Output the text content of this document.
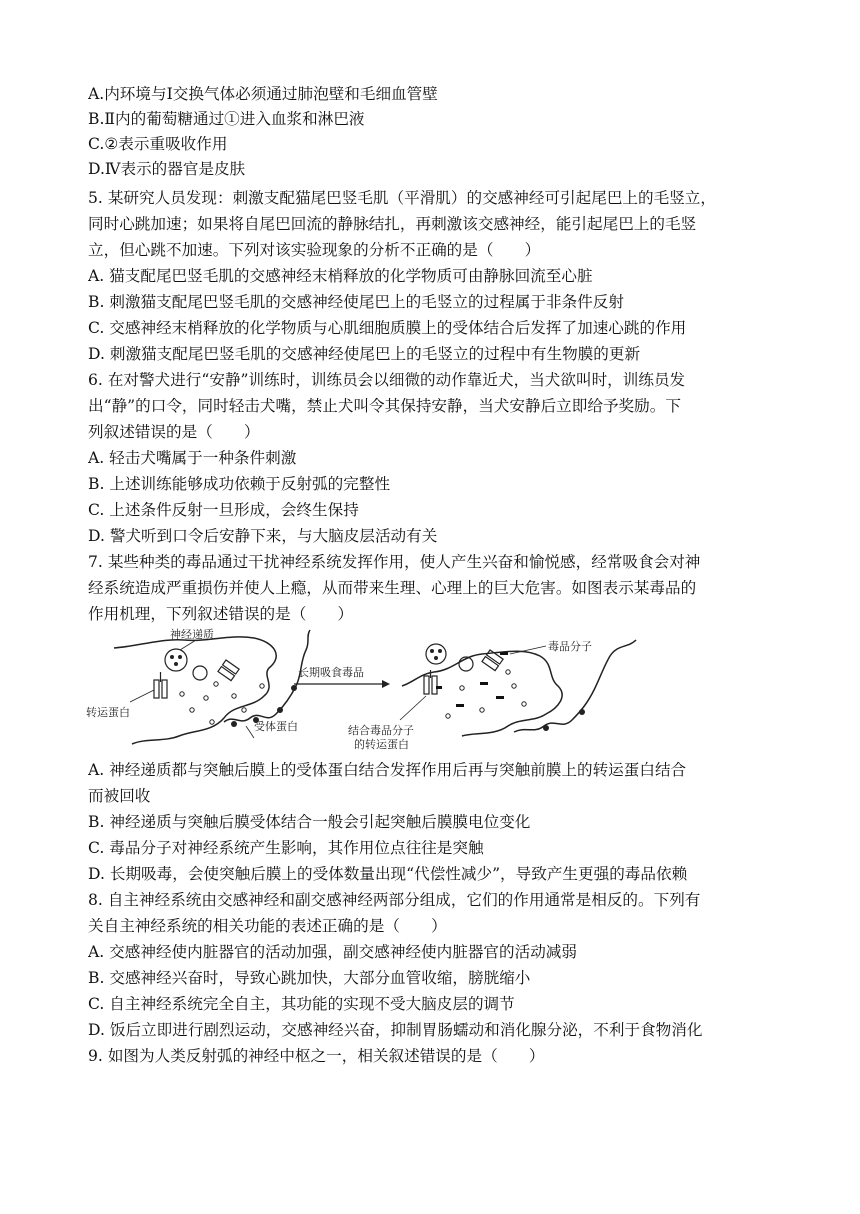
A.内环境与Ⅰ交换气体必须通过肺泡壁和毛细血管壁
B.Ⅱ内的葡萄糖通过①进入血浆和淋巴液
C.②表示重吸收作用
D.Ⅳ表示的器官是皮肤
5. 某研究人员发现：刺激支配猫尾巴竖毛肌（平滑肌）的交感神经可引起尾巴上的毛竖立，
同时心跳加速；如果将自尾巴回流的静脉结扎，再刺激该交感神经，能引起尾巴上的毛竖
立，但心跳不加速。下列对该实验现象的分析不正确的是（　　）
A. 猫支配尾巴竖毛肌的交感神经末梢释放的化学物质可由静脉回流至心脏
B. 刺激猫支配尾巴竖毛肌的交感神经使尾巴上的毛竖立的过程属于非条件反射
C. 交感神经末梢释放的化学物质与心肌细胞质膜上的受体结合后发挥了加速心跳的作用
D. 刺激猫支配尾巴竖毛肌的交感神经使尾巴上的毛竖立的过程中有生物膜的更新
6. 在对警犬进行“安静”训练时，训练员会以细微的动作靠近犬，当犬欲叫时，训练员发
出“静”的口令，同时轻击犬嘴，禁止犬叫令其保持安静，当犬安静后立即给予奖励。下
列叙述错误的是（　　）
A. 轻击犬嘴属于一种条件刺激
B. 上述训练能够成功依赖于反射弧的完整性
C. 上述条件反射一旦形成，会终生保持
D. 警犬听到口令后安静下来，与大脑皮层活动有关
7. 某些种类的毒品通过干扰神经系统发挥作用，使人产生兴奋和愉悦感，经常吸食会对神
经系统造成严重损伤并使人上瘾，从而带来生理、心理上的巨大危害。如图表示某毒品的
作用机理，下列叙述错误的是（　　）
神经递质
转运蛋白
受体蛋白
长期吸食毒品
毒品分子
结合毒品分子
的转运蛋白
A. 神经递质都与突触后膜上的受体蛋白结合发挥作用后再与突触前膜上的转运蛋白结合
而被回收
B. 神经递质与突触后膜受体结合一般会引起突触后膜膜电位变化
C. 毒品分子对神经系统产生影响，其作用位点往往是突触
D. 长期吸毒，会使突触后膜上的受体数量出现“代偿性减少”，导致产生更强的毒品依赖
8. 自主神经系统由交感神经和副交感神经两部分组成，它们的作用通常是相反的。下列有
关自主神经系统的相关功能的表述正确的是（　　）
A. 交感神经使内脏器官的活动加强，副交感神经使内脏器官的活动减弱
B. 交感神经兴奋时，导致心跳加快，大部分血管收缩，膀胱缩小
C. 自主神经系统完全自主，其功能的实现不受大脑皮层的调节
D. 饭后立即进行剧烈运动，交感神经兴奋，抑制胃肠蠕动和消化腺分泌，不利于食物消化
9. 如图为人类反射弧的神经中枢之一，相关叙述错误的是（　　）
